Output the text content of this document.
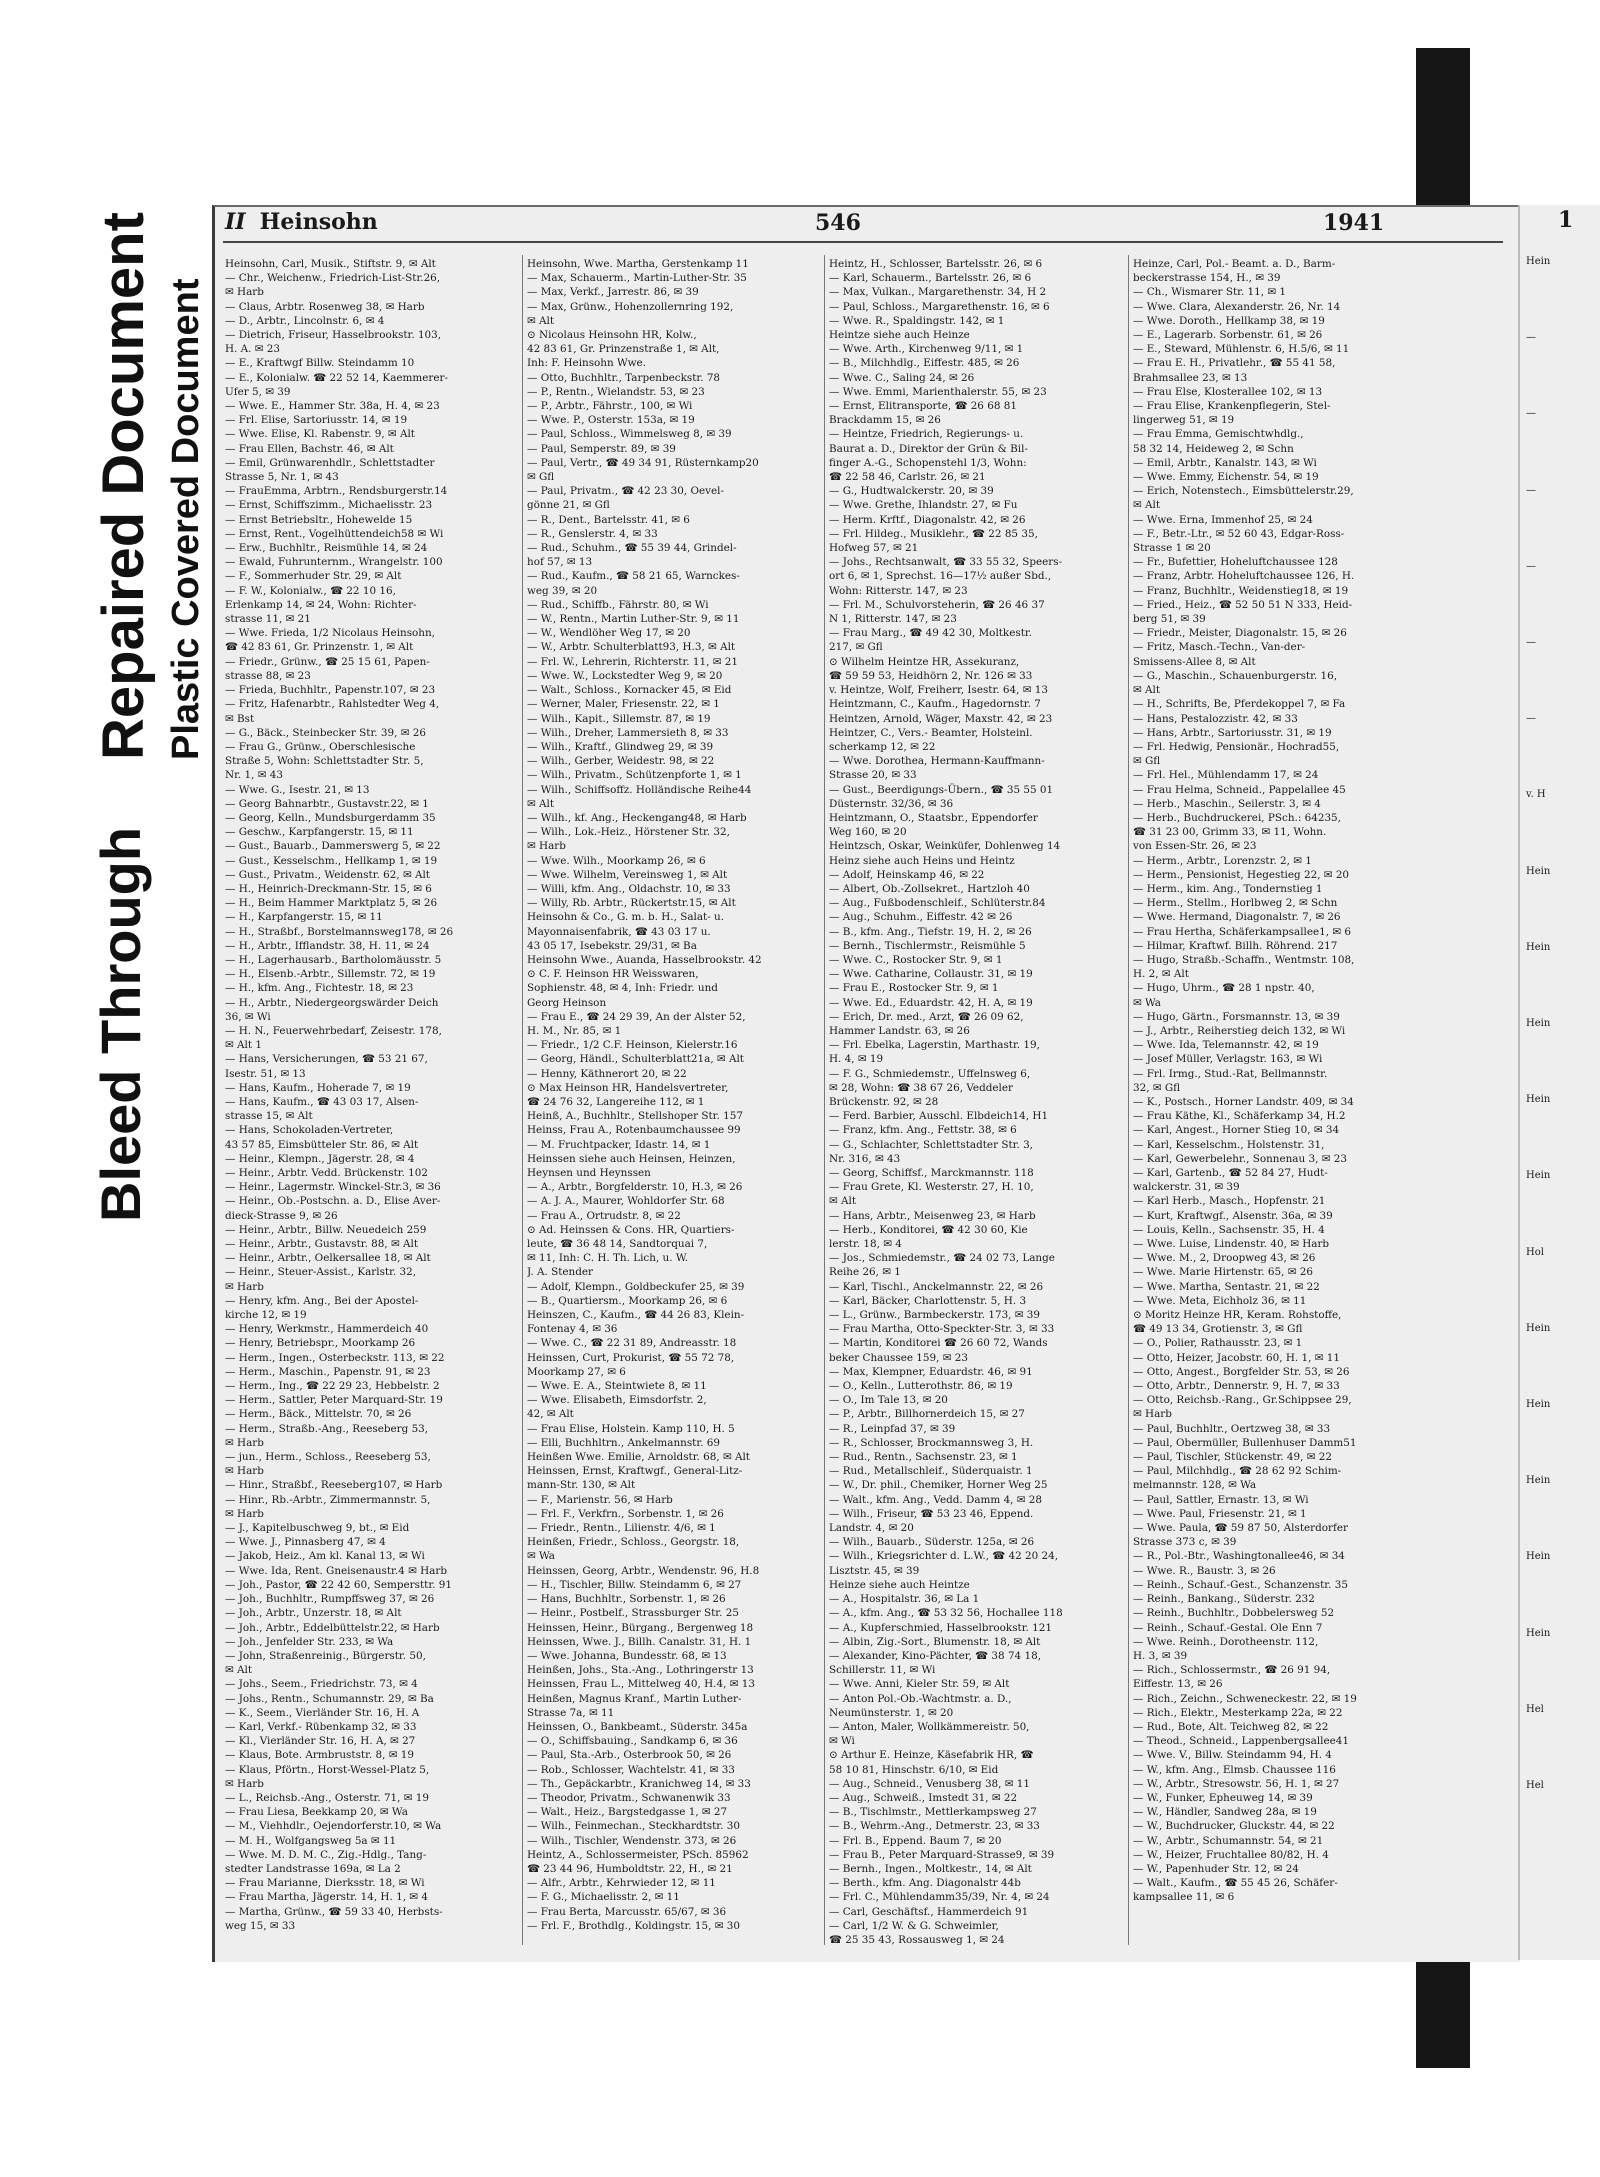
Bleed Through
Repaired Document Plastic Covered Document
II Heinsohn	546	1941
Heinsohn, Carl, Musik., Stiftstr. 9, ✉ Alt
— Chr., Weichenw., Friedrich-List-Str.26,
✉ Harb
— Claus, Arbtr. Rosenweg 38, ✉ Harb
— D., Arbtr., Lincolnstr. 6, ✉ 4
— Dietrich, Friseur, Hasselbrookstr. 103,
H. A. ✉ 23
— E., Kraftwgf Billw. Steindamm 10
— E., Kolonialw. ☎ 22 52 14, Kaemmerer-
Ufer 5, ✉ 39
— Wwe. E., Hammer Str. 38a, H. 4, ✉ 23
— Frl. Elise, Sartoriusstr. 14, ✉ 19
— Wwe. Elise, Kl. Rabenstr. 9, ✉ Alt
— Frau Ellen, Bachstr. 46, ✉ Alt
— Emil, Grünwarenhdlr., Schlettstadter
Strasse 5, Nr. 1, ✉ 43
— FrauEmma, Arbtrn., Rendsburgerstr.14
— Ernst, Schiffszimm., Michaelisstr. 23
— Ernst Betriebsltr., Hohewelde 15
— Ernst, Rent., Vogelhüttendeich58 ✉ Wi
— Erw., Buchhltr., Reismühle 14, ✉ 24
— Ewald, Fuhrunternm., Wrangelstr. 100
— F., Sommerhuder Str. 29, ✉ Alt
— F. W., Kolonialw., ☎ 22 10 16,
Erlenkamp 14, ✉ 24, Wohn: Richter-
strasse 11, ✉ 21
— Wwe. Frieda, 1/2 Nicolaus Heinsohn,
☎ 42 83 61, Gr. Prinzenstr. 1, ✉ Alt
— Friedr., Grünw., ☎ 25 15 61, Papen-
strasse 88, ✉ 23
— Frieda, Buchhltr., Papenstr.107, ✉ 23
— Fritz, Hafenarbtr., Rahlstedter Weg 4,
✉ Bst
— G., Bäck., Steinbecker Str. 39, ✉ 26
— Frau G., Grünw., Oberschlesische
Straße 5, Wohn: Schlettstadter Str. 5,
Nr. 1, ✉ 43
— Wwe. G., Isestr. 21, ✉ 13
— Georg Bahnarbtr., Gustavstr.22, ✉ 1
— Georg, Kelln., Mundsburgerdamm 35
— Geschw., Karpfangerstr. 15, ✉ 11
— Gust., Bauarb., Dammerswerg 5, ✉ 22
— Gust., Kesselschm., Hellkamp 1, ✉ 19
— Gust., Privatm., Weidenstr. 62, ✉ Alt
— H., Heinrich-Dreckmann-Str. 15, ✉ 6
— H., Beim Hammer Marktplatz 5, ✉ 26
— H., Karpfangerstr. 15, ✉ 11
— H., Straßbf., Borstelmannsweg178, ✉ 26
— H., Arbtr., Ifflandstr. 38, H. 11, ✉ 24
— H., Lagerhausarb., Bartholomäusstr. 5
— H., Elsenb.-Arbtr., Sillemstr. 72, ✉ 19
— H., kfm. Ang., Fichtestr. 18, ✉ 23
— H., Arbtr., Niedergeorgswärder Deich
36, ✉ Wi
— H. N., Feuerwehrbedarf, Zeisestr. 178,
✉ Alt 1
— Hans, Versicherungen, ☎ 53 21 67,
Isestr. 51, ✉ 13
— Hans, Kaufm., Hoherade 7, ✉ 19
— Hans, Kaufm., ☎ 43 03 17, Alsen-
strasse 15, ✉ Alt
— Hans, Schokoladen-Vertreter,
43 57 85, Eimsbütteler Str. 86, ✉ Alt
— Heinr., Klempn., Jägerstr. 28, ✉ 4
— Heinr., Arbtr. Vedd. Brückenstr. 102
— Heinr., Lagermstr. Winckel-Str.3, ✉ 36
— Heinr., Ob.-Postschn. a. D., Elise Aver-
dieck-Strasse 9, ✉ 26
— Heinr., Arbtr., Billw. Neuedeich 259
— Heinr., Arbtr., Gustavstr. 88, ✉ Alt
— Heinr., Arbtr., Oelkersallee 18, ✉ Alt
— Heinr., Steuer-Assist., Karlstr. 32,
✉ Harb
— Henry, kfm. Ang., Bei der Apostel-
kirche 12, ✉ 19
— Henry, Werkmstr., Hammerdeich 40
— Henry, Betriebspr., Moorkamp 26
— Herm., Ingen., Osterbeckstr. 113, ✉ 22
— Herm., Maschin., Papenstr. 91, ✉ 23
— Herm., Ing., ☎ 22 29 23, Hebbelstr. 2
— Herm., Sattler, Peter Marquard-Str. 19
— Herm., Bäck., Mittelstr. 70, ✉ 26
— Herm., Straßb.-Ang., Reeseberg 53,
✉ Harb
— jun., Herm., Schloss., Reeseberg 53,
✉ Harb
— Hinr., Straßbf., Reeseberg107, ✉ Harb
— Hinr., Rb.-Arbtr., Zimmermannstr. 5,
✉ Harb
— J., Kapitelbuschweg 9, bt., ✉ Eid
— Wwe. J., Pinnasberg 47, ✉ 4
— Jakob, Heiz., Am kl. Kanal 13, ✉ Wi
— Wwe. Ida, Rent. Gneisenaustr.4 ✉ Harb
— Joh., Pastor, ☎ 22 42 60, Sempersttr. 91
— Joh., Buchhltr., Rumpffsweg 37, ✉ 26
— Joh., Arbtr., Unzerstr. 18, ✉ Alt
— Joh., Arbtr., Eddelbüttelstr.22, ✉ Harb
— Joh., Jenfelder Str. 233, ✉ Wa
— John, Straßenreinig., Bürgerstr. 50,
✉ Alt
— Johs., Seem., Friedrichstr. 73, ✉ 4
— Johs., Rentn., Schumannstr. 29, ✉ Ba
— K., Seem., Vierländer Str. 16, H. A
— Karl, Verkf.- Rübenkamp 32, ✉ 33
— Kl., Vierländer Str. 16, H. A, ✉ 27
— Klaus, Bote. Armbruststr. 8, ✉ 19
— Klaus, Pförtn., Horst-Wessel-Platz 5,
✉ Harb
— L., Reichsb.-Ang., Osterstr. 71, ✉ 19
— Frau Liesa, Beekkamp 20, ✉ Wa
— M., Viehhdlr., Oejendorferstr.10, ✉ Wa
— M. H., Wolfgangsweg 5a ✉ 11
— Wwe. M. D. M. C., Zig.-Hdlg., Tang-
stedter Landstrasse 169a, ✉ La 2
— Frau Marianne, Dierksstr. 18, ✉ Wi
— Frau Martha, Jägerstr. 14, H. 1, ✉ 4
— Martha, Grünw., ☎ 59 33 40, Herbsts-
weg 15, ✉ 33
Heinsohn, Wwe. Martha, Gerstenkamp 11
— Max, Schauerm., Martin-Luther-Str. 35
— Max, Verkf., Jarrestr. 86, ✉ 39
— Max, Grünw., Hohenzollernring 192,
✉ Alt
⊙ Nicolaus Heinsohn HR, Kolw.,
42 83 61, Gr. Prinzenstraße 1, ✉ Alt,
Inh: F. Heinsohn Wwe.
— Otto, Buchhltr., Tarpenbeckstr. 78
— P., Rentn., Wielandstr. 53, ✉ 23
— P., Arbtr., Fährstr., 100, ✉ Wi
— Wwe. P., Osterstr. 153a, ✉ 19
— Paul, Schloss., Wimmelsweg 8, ✉ 39
— Paul, Semperstr. 89, ✉ 39
— Paul, Vertr., ☎ 49 34 91, Rüsternkamp20
✉ Gfl
— Paul, Privatm., ☎ 42 23 30, Oevel-
gönne 21, ✉ Gfl
— R., Dent., Bartelsstr. 41, ✉ 6
— R., Genslerstr. 4, ✉ 33
— Rud., Schuhm., ☎ 55 39 44, Grindel-
hof 57, ✉ 13
— Rud., Kaufm., ☎ 58 21 65, Warnckes-
weg 39, ✉ 20
— Rud., Schiffb., Fährstr. 80, ✉ Wi
— W., Rentn., Martin Luther-Str. 9, ✉ 11
— W., Wendlöher Weg 17, ✉ 20
— W., Arbtr. Schulterblatt93, H.3, ✉ Alt
— Frl. W., Lehrerin, Richterstr. 11, ✉ 21
— Wwe. W., Lockstedter Weg 9, ✉ 20
— Walt., Schloss., Kornacker 45, ✉ Eid
— Werner, Maler, Friesenstr. 22, ✉ 1
— Wilh., Kapit., Sillemstr. 87, ✉ 19
— Wilh., Dreher, Lammersieth 8, ✉ 33
— Wilh., Kraftf., Glindweg 29, ✉ 39
— Wilh., Gerber, Weidestr. 98, ✉ 22
— Wilh., Privatm., Schützenpforte 1, ✉ 1
— Wilh., Schiffsoffz. Holländische Reihe44
✉ Alt
— Wilh., kf. Ang., Heckengang48, ✉ Harb
— Wilh., Lok.-Heiz., Hörstener Str. 32,
✉ Harb
— Wwe. Wilh., Moorkamp 26, ✉ 6
— Wwe. Wilhelm, Vereinsweg 1, ✉ Alt
— Willi, kfm. Ang., Oldachstr. 10, ✉ 33
— Willy, Rb. Arbtr., Rückertstr.15, ✉ Alt
Heinsohn & Co., G. m. b. H., Salat- u.
Mayonnaisenfabrik, ☎ 43 03 17 u.
43 05 17, Isebekstr. 29/31, ✉ Ba
Heinsohn Wwe., Auanda, Hasselbrookstr. 42
⊙ C. F. Heinson HR Weisswaren,
Sophienstr. 48, ✉ 4, Inh: Friedr. und
Georg Heinson
— Frau E., ☎ 24 29 39, An der Alster 52,
H. M., Nr. 85, ✉ 1
— Friedr., 1/2 C.F. Heinson, Kielerstr.16
— Georg, Händl., Schulterblatt21a, ✉ Alt
— Henny, Käthnerort 20, ✉ 22
⊙ Max Heinson HR, Handelsvertreter,
☎ 24 76 32, Langereihe 112, ✉ 1
Heinß, A., Buchhltr., Stellshoper Str. 157
Heinss, Frau A., Rotenbaumchaussee 99
— M. Fruchtpacker, Idastr. 14, ✉ 1
Heinssen siehe auch Heinsen, Heinzen,
Heynsen und Heynssen
— A., Arbtr., Borgfelderstr. 10, H.3, ✉ 26
— A. J. A., Maurer, Wohldorfer Str. 68
— Frau A., Ortrudstr. 8, ✉ 22
⊙ Ad. Heinssen & Cons. HR, Quartiers-
leute, ☎ 36 48 14, Sandtorquai 7,
✉ 11, Inh: C. H. Th. Lich, u. W.
J. A. Stender
— Adolf, Klempn., Goldbeckufer 25, ✉ 39
— B., Quartiersm., Moorkamp 26, ✉ 6
Heinszen, C., Kaufm., ☎ 44 26 83, Klein-
Fontenay 4, ✉ 36
— Wwe. C., ☎ 22 31 89, Andreasstr. 18
Heinssen, Curt, Prokurist, ☎ 55 72 78,
Moorkamp 27, ✉ 6
— Wwe. E. A., Steintwiete 8, ✉ 11
— Wwe. Elisabeth, Eimsdorfstr. 2,
42, ✉ Alt
— Frau Elise, Holstein. Kamp 110, H. 5
— Elli, Buchhltrn., Ankelmannstr. 69
Heinßen Wwe. Emilie, Arnoldstr. 68, ✉ Alt
Heinssen, Ernst, Kraftwgf., General-Litz-
mann-Str. 130, ✉ Alt
— F., Marienstr. 56, ✉ Harb
— Frl. F., Verkfrn., Sorbenstr. 1, ✉ 26
— Friedr., Rentn., Lilienstr. 4/6, ✉ 1
Heinßen, Friedr., Schloss., Georgstr. 18,
✉ Wa
Heinssen, Georg, Arbtr., Wendenstr. 96, H.8
— H., Tischler, Billw. Steindamm 6, ✉ 27
— Hans, Buchhltr., Sorbenstr. 1, ✉ 26
— Heinr., Postbelf., Strassburger Str. 25
Heinssen, Heinr., Bürgang., Bergenweg 18
Heinssen, Wwe. J., Billh. Canalstr. 31, H. 1
— Wwe. Johanna, Bundesstr. 68, ✉ 13
Heinßen, Johs., Sta.-Ang., Lothringerstr 13
Heinssen, Frau L., Mittelweg 40, H.4, ✉ 13
Heinßen, Magnus Kranf., Martin Luther-
Strasse 7a, ✉ 11
Heinssen, O., Bankbeamt., Süderstr. 345a
— O., Schiffsbauing., Sandkamp 6, ✉ 36
— Paul, Sta.-Arb., Osterbrook 50, ✉ 26
— Rob., Schlosser, Wachtelstr. 41, ✉ 33
— Th., Gepäckarbtr., Kranichweg 14, ✉ 33
— Theodor, Privatm., Schwanenwik 33
— Walt., Heiz., Bargstedgasse 1, ✉ 27
— Wilh., Feinmechan., Steckhardtstr. 30
— Wilh., Tischler, Wendenstr. 373, ✉ 26
Heintz, A., Schlossermeister, PSch. 85962
☎ 23 44 96, Humboldtstr. 22, H., ✉ 21
— Alfr., Arbtr., Kehrwieder 12, ✉ 11
— F. G., Michaelisstr. 2, ✉ 11
— Frau Berta, Marcusstr. 65/67, ✉ 36
— Frl. F., Brothdlg., Koldingstr. 15, ✉ 30
Heintz, H., Schlosser, Bartelsstr. 26, ✉ 6
— Karl, Schauerm., Bartelsstr. 26, ✉ 6
— Max, Vulkan., Margarethenstr. 34, H 2
— Paul, Schloss., Margarethenstr. 16, ✉ 6
— Wwe. R., Spaldingstr. 142, ✉ 1
Heintze siehe auch Heinze
— Wwe. Arth., Kirchenweg 9/11, ✉ 1
— B., Milchhdlg., Eiffestr. 485, ✉ 26
— Wwe. C., Saling 24, ✉ 26
— Wwe. Emmi, Marienthalerstr. 55, ✉ 23
— Ernst, Elitransporte, ☎ 26 68 81
Brackdamm 15, ✉ 26
— Heintze, Friedrich, Regierungs- u.
Baurat a. D., Direktor der Grün & Bil-
finger A.-G., Schopenstehl 1/3, Wohn:
☎ 22 58 46, Carlstr. 26, ✉ 21
— G., Hudtwalckerstr. 20, ✉ 39
— Wwe. Grethe, Ihlandstr. 27, ✉ Fu
— Herm. Krftf., Diagonalstr. 42, ✉ 26
— Frl. Hildeg., Musiklehr., ☎ 22 85 35,
Hofweg 57, ✉ 21
— Johs., Rechtsanwalt, ☎ 33 55 32, Speers-
ort 6, ✉ 1, Sprechst. 16—17½ außer Sbd.,
Wohn: Ritterstr. 147, ✉ 23
— Frl. M., Schulvorsteherin, ☎ 26 46 37
N 1, Ritterstr. 147, ✉ 23
— Frau Marg., ☎ 49 42 30, Moltkestr.
217, ✉ Gfl
⊙ Wilhelm Heintze HR, Assekuranz,
☎ 59 59 53, Heidhörn 2, Nr. 126 ✉ 33
v. Heintze, Wolf, Freiherr, Isestr. 64, ✉ 13
Heintzmann, C., Kaufm., Hagedornstr. 7
Heintzen, Arnold, Wäger, Maxstr. 42, ✉ 23
Heintzer, C., Vers.- Beamter, Holsteinl.
scherkamp 12, ✉ 22
— Wwe. Dorothea, Hermann-Kauffmann-
Strasse 20, ✉ 33
— Gust., Beerdigungs-Übern., ☎ 35 55 01
Düsternstr. 32/36, ✉ 36
Heintzmann, O., Staatsbr., Eppendorfer
Weg 160, ✉ 20
Heintzsch, Oskar, Weinküfer, Dohlenweg 14
Heinz siehe auch Heins und Heintz
— Adolf, Heinskamp 46, ✉ 22
— Albert, Ob.-Zollsekret., Hartzloh 40
— Aug., Fußbodenschleif., Schlüterstr.84
— Aug., Schuhm., Eiffestr. 42 ✉ 26
— B., kfm. Ang., Tiefstr. 19, H. 2, ✉ 26
— Bernh., Tischlermstr., Reismühle 5
— Wwe. C., Rostocker Str. 9, ✉ 1
— Wwe. Catharine, Collaustr. 31, ✉ 19
— Frau E., Rostocker Str. 9, ✉ 1
— Wwe. Ed., Eduardstr. 42, H. A, ✉ 19
— Erich, Dr. med., Arzt, ☎ 26 09 62,
Hammer Landstr. 63, ✉ 26
— Frl. Ebelka, Lagerstin, Marthastr. 19,
H. 4, ✉ 19
— F. G., Schmiedemstr., Uffelnsweg 6,
✉ 28, Wohn: ☎ 38 67 26, Veddeler
Brückenstr. 92, ✉ 28
— Ferd. Barbier, Ausschl. Elbdeich14, H1
— Franz, kfm. Ang., Fettstr. 38, ✉ 6
— G., Schlachter, Schlettstadter Str. 3,
Nr. 316, ✉ 43
— Georg, Schiffsf., Marckmannstr. 118
— Frau Grete, Kl. Westerstr. 27, H. 10,
✉ Alt
— Hans, Arbtr., Meisenweg 23, ✉ Harb
— Herb., Konditorei, ☎ 42 30 60, Kie
lerstr. 18, ✉ 4
— Jos., Schmiedemstr., ☎ 24 02 73, Lange
Reihe 26, ✉ 1
— Karl, Tischl., Anckelmannstr. 22, ✉ 26
— Karl, Bäcker, Charlottenstr. 5, H. 3
— L., Grünw., Barmbeckerstr. 173, ✉ 39
— Frau Martha, Otto-Speckter-Str. 3, ✉ 33
— Martin, Konditorei ☎ 26 60 72, Wands
beker Chaussee 159, ✉ 23
— Max, Klempner, Eduardstr. 46, ✉ 91
— O., Kelln., Lutterothstr. 86, ✉ 19
— O., Im Tale 13, ✉ 20
— P., Arbtr., Billhornerdeich 15, ✉ 27
— R., Leinpfad 37, ✉ 39
— R., Schlosser, Brockmannsweg 3, H.
— Rud., Rentn., Sachsenstr. 23, ✉ 1
— Rud., Metallschleif., Süderquaistr. 1
— W., Dr. phil., Chemiker, Horner Weg 25
— Walt., kfm. Ang., Vedd. Damm 4, ✉ 28
— Wilh., Friseur, ☎ 53 23 46, Eppend.
Landstr. 4, ✉ 20
— Wilh., Bauarb., Süderstr. 125a, ✉ 26
— Wilh., Kriegsrichter d. L.W., ☎ 42 20 24,
Lisztstr. 45, ✉ 39
Heinze siehe auch Heintze
— A., Hospitalstr. 36, ✉ La 1
— A., kfm. Ang., ☎ 53 32 56, Hochallee 118
— A., Kupferschmied, Hasselbrookstr. 121
— Albin, Zig.-Sort., Blumenstr. 18, ✉ Alt
— Alexander, Kino-Pächter, ☎ 38 74 18,
Schillerstr. 11, ✉ Wi
— Wwe. Anni, Kieler Str. 59, ✉ Alt
— Anton Pol.-Ob.-Wachtmstr. a. D.,
Neumünsterstr. 1, ✉ 20
— Anton, Maler, Wollkämmereistr. 50,
✉ Wi
⊙ Arthur E. Heinze, Käsefabrik HR, ☎
58 10 81, Hinschstr. 6/10, ✉ Eid
— Aug., Schneid., Venusberg 38, ✉ 11
— Aug., Schweiß., Imstedt 31, ✉ 22
— B., Tischlmstr., Mettlerkampsweg 27
— B., Wehrm.-Ang., Detmerstr. 23, ✉ 33
— Frl. B., Eppend. Baum 7, ✉ 20
— Frau B., Peter Marquard-Strasse9, ✉ 39
— Bernh., Ingen., Moltkestr., 14, ✉ Alt
— Berth., kfm. Ang. Diagonalstr 44b
— Frl. C., Mühlendamm35/39, Nr. 4, ✉ 24
— Carl, Geschäftsf., Hammerdeich 91
— Carl, 1/2 W. & G. Schweimler,
☎ 25 35 43, Rossausweg 1, ✉ 24
Heinze, Carl, Pol.- Beamt. a. D., Barm-
beckerstrasse 154, H., ✉ 39
— Ch., Wismarer Str. 11, ✉ 1
— Wwe. Clara, Alexanderstr. 26, Nr. 14
— Wwe. Doroth., Hellkamp 38, ✉ 19
— E., Lagerarb. Sorbenstr. 61, ✉ 26
— E., Steward, Mühlenstr. 6, H.5/6, ✉ 11
— Frau E. H., Privatlehr., ☎ 55 41 58,
Brahmsallee 23, ✉ 13
— Frau Else, Klosterallee 102, ✉ 13
— Frau Elise, Krankenpflegerin, Stel-
lingerweg 51, ✉ 19
— Frau Emma, Gemischtwhdlg.,
58 32 14, Heideweg 2, ✉ Schn
— Emil, Arbtr., Kanalstr. 143, ✉ Wi
— Wwe. Emmy, Eichenstr. 54, ✉ 19
— Erich, Notenstech., Eimsbüttelerstr.29,
✉ Alt
— Wwe. Erna, Immenhof 25, ✉ 24
— F., Betr.-Ltr., ✉ 52 60 43, Edgar-Ross-
Strasse 1 ✉ 20
— Fr., Bufettier, Hoheluftchaussee 128
— Franz, Arbtr. Hoheluftchaussee 126, H.
— Franz, Buchhltr., Weidenstieg18, ✉ 19
— Fried., Heiz., ☎ 52 50 51 N 333, Heid-
berg 51, ✉ 39
— Friedr., Meister, Diagonalstr. 15, ✉ 26
— Fritz, Masch.-Techn., Van-der-
Smissens-Allee 8, ✉ Alt
— G., Maschin., Schauenburgerstr. 16,
✉ Alt
— H., Schrifts, Be, Pferdekoppel 7, ✉ Fa
— Hans, Pestalozzistr. 42, ✉ 33
— Hans, Arbtr., Sartoriusstr. 31, ✉ 19
— Frl. Hedwig, Pensionär., Hochrad55,
✉ Gfl
— Frl. Hel., Mühlendamm 17, ✉ 24
— Frau Helma, Schneid., Pappelallee 45
— Herb., Maschin., Seilerstr. 3, ✉ 4
— Herb., Buchdruckerei, PSch.: 64235,
☎ 31 23 00, Grimm 33, ✉ 11, Wohn.
von Essen-Str. 26, ✉ 23
— Herm., Arbtr., Lorenzstr. 2, ✉ 1
— Herm., Pensionist, Hegestieg 22, ✉ 20
— Herm., kim. Ang., Tondernstieg 1
— Herm., Stellm., Horlbweg 2, ✉ Schn
— Wwe. Hermand, Diagonalstr. 7, ✉ 26
— Frau Hertha, Schäferkampsallee1, ✉ 6
— Hilmar, Kraftwf. Billh. Röhrend. 217
— Hugo, Straßb.-Schaffn., Wentmstr. 108,
H. 2, ✉ Alt
— Hugo, Uhrm., ☎ 28 1 npstr. 40,
✉ Wa
— Hugo, Gärtn., Forsmannstr. 13, ✉ 39
— J., Arbtr., Reiherstieg deich 132, ✉ Wi
— Wwe. Ida, Telemannstr. 42, ✉ 19
— Josef Müller, Verlagstr. 163, ✉ Wi
— Frl. Irmg., Stud.-Rat, Bellmannstr.
32, ✉ Gfl
— K., Postsch., Horner Landstr. 409, ✉ 34
— Frau Käthe, Kl., Schäferkamp 34, H.2
— Karl, Angest., Horner Stieg 10, ✉ 34
— Karl, Kesselschm., Holstenstr. 31,
— Karl, Gewerbelehr., Sonnenau 3, ✉ 23
— Karl, Gartenb., ☎ 52 84 27, Hudt-
walckerstr. 31, ✉ 39
— Karl Herb., Masch., Hopfenstr. 21
— Kurt, Kraftwgf., Alsenstr. 36a, ✉ 39
— Louis, Kelln., Sachsenstr. 35, H. 4
— Wwe. Luise, Lindenstr. 40, ✉ Harb
— Wwe. M., 2, Droopweg 43, ✉ 26
— Wwe. Marie Hirtenstr. 65, ✉ 26
— Wwe. Martha, Sentastr. 21, ✉ 22
— Wwe. Meta, Eichholz 36, ✉ 11
⊙ Moritz Heinze HR, Keram. Rohstoffe,
☎ 49 13 34, Grotienstr. 3, ✉ Gfl
— O., Polier, Rathausstr. 23, ✉ 1
— Otto, Heizer, Jacobstr. 60, H. 1, ✉ 11
— Otto, Angest., Borgfelder Str. 53, ✉ 26
— Otto, Arbtr., Dennerstr. 9, H. 7, ✉ 33
— Otto, Reichsb.-Rang., Gr.Schippsee 29,
✉ Harb
— Paul, Buchhltr., Oertzweg 38, ✉ 33
— Paul, Obermüller, Bullenhuser Damm51
— Paul, Tischler, Stückenstr. 49, ✉ 22
— Paul, Milchhdlg., ☎ 28 62 92 Schim-
melmannstr. 128, ✉ Wa
— Paul, Sattler, Ernastr. 13, ✉ Wi
— Wwe. Paul, Friesenstr. 21, ✉ 1
— Wwe. Paula, ☎ 59 87 50, Alsterdorfer
Strasse 373 c, ✉ 39
— R., Pol.-Btr., Washingtonallee46, ✉ 34
— Wwe. R., Baustr. 3, ✉ 26
— Reinh., Schauf.-Gest., Schanzenstr. 35
— Reinh., Bankang., Süderstr. 232
— Reinh., Buchhltr., Dobbelersweg 52
— Reinh., Schauf.-Gestal. Ole Enn 7
— Wwe. Reinh., Dorotheenstr. 112,
H. 3, ✉ 39
— Rich., Schlossermstr., ☎ 26 91 94,
Eiffestr. 13, ✉ 26
— Rich., Zeichn., Schweneckestr. 22, ✉ 19
— Rich., Elektr., Mesterkamp 22a, ✉ 22
— Rud., Bote, Alt. Teichweg 82, ✉ 22
— Theod., Schneid., Lappenbergsallee41
— Wwe. V., Billw. Steindamm 94, H. 4
— W., kfm. Ang., Elmsb. Chaussee 116
— W., Arbtr., Stresowstr. 56, H. 1, ✉ 27
— W., Funker, Epheuweg 14, ✉ 39
— W., Händler, Sandweg 28a, ✉ 19
— W., Buchdrucker, Gluckstr. 44, ✉ 22
— W., Arbtr., Schumannstr. 54, ✉ 21
— W., Heizer, Fruchtallee 80/82, H. 4
— W., Papenhuder Str. 12, ✉ 24
— Walt., Kaufm., ☎ 55 45 26, Schäfer-
kampsallee 11, ✉ 6
1
Hein
—
—
—
—
—
—
v. H
Hein
Hein
Hein
Hein
Hein
Hol
Hein
Hein
Hein
Hein
Hein
Hel
Hel
